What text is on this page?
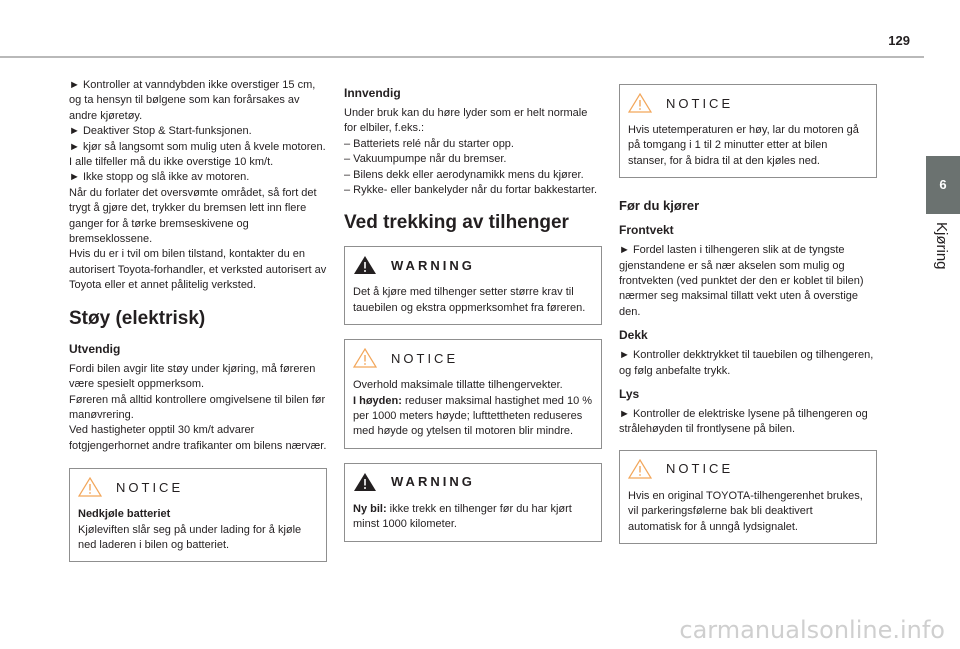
129
6
Kjøring

► Kontroller at vanndybden ikke overstiger 15 cm, og ta hensyn til bølgene som kan forårsakes av andre kjøretøy.

► Deaktiver Stop & Start-funksjonen.

► kjør så langsomt som mulig uten å kvele motoren. I alle tilfeller må du ikke overstige 10 km/t.

► Ikke stopp og slå ikke av motoren.

Når du forlater det oversvømte området, så fort det trygt å gjøre det, trykker du bremsen lett inn flere ganger for å tørke bremseskivene og bremseklossene.

Hvis du er i tvil om bilen tilstand, kontakter du en autorisert Toyota-forhandler, et verksted autorisert av Toyota eller et annet pålitelig verksted.

Støy (elektrisk)
Utvendig

Fordi bilen avgir lite støy under kjøring, må føreren være spesielt oppmerksom.

Føreren må alltid kontrollere omgivelsene til bilen før manøvrering.

Ved hastigheter opptil 30 km/t advarer fotgjengerhornet andre trafikanter om bilens nærvær.

NOTICE

Nedkjøle batteriet

Kjøleviften slår seg på under lading for å kjøle ned laderen i bilen og batteriet.

Innvendig

Under bruk kan du høre lyder som er helt normale for elbiler, f.eks.:

– Batteriets relé når du starter opp.

– Vakuumpumpe når du bremser.

– Bilens dekk eller aerodynamikk mens du kjører.

– Rykke- eller bankelyder når du fortar bakkestarter.

Ved trekking av tilhenger
WARNING

Det å kjøre med tilhenger setter større krav til tauebilen og ekstra oppmerksomhet fra føreren.

NOTICE

Overhold maksimale tillatte tilhengervekter.

I høyden: reduser maksimal hastighet med 10 % per 1000 meters høyde; lufttettheten reduseres med høyde og ytelsen til motoren blir mindre.

WARNING

Ny bil: ikke trekk en tilhenger før du har kjørt minst 1000 kilometer.

NOTICE

Hvis utetemperaturen er høy, lar du motoren gå på tomgang i 1 til 2 minutter etter at bilen stanser, for å bidra til at den kjøles ned.

Før du kjører
Frontvekt

► Fordel lasten i tilhengeren slik at de tyngste gjenstandene er så nær akselen som mulig og frontvekten (ved punktet der den er koblet til bilen) nærmer seg maksimal tillatt vekt uten å overstige den.

Dekk

► Kontroller dekktrykket til tauebilen og tilhengeren, og følg anbefalte trykk.

Lys

► Kontroller de elektriske lysene på tilhengeren og strålehøyden til frontlysene på bilen.

NOTICE

Hvis en original TOYOTA-tilhengerenhet brukes, vil parkeringsfølerne bak bli deaktivert automatisk for å unngå lydsignalet.

carmanualsonline.info
